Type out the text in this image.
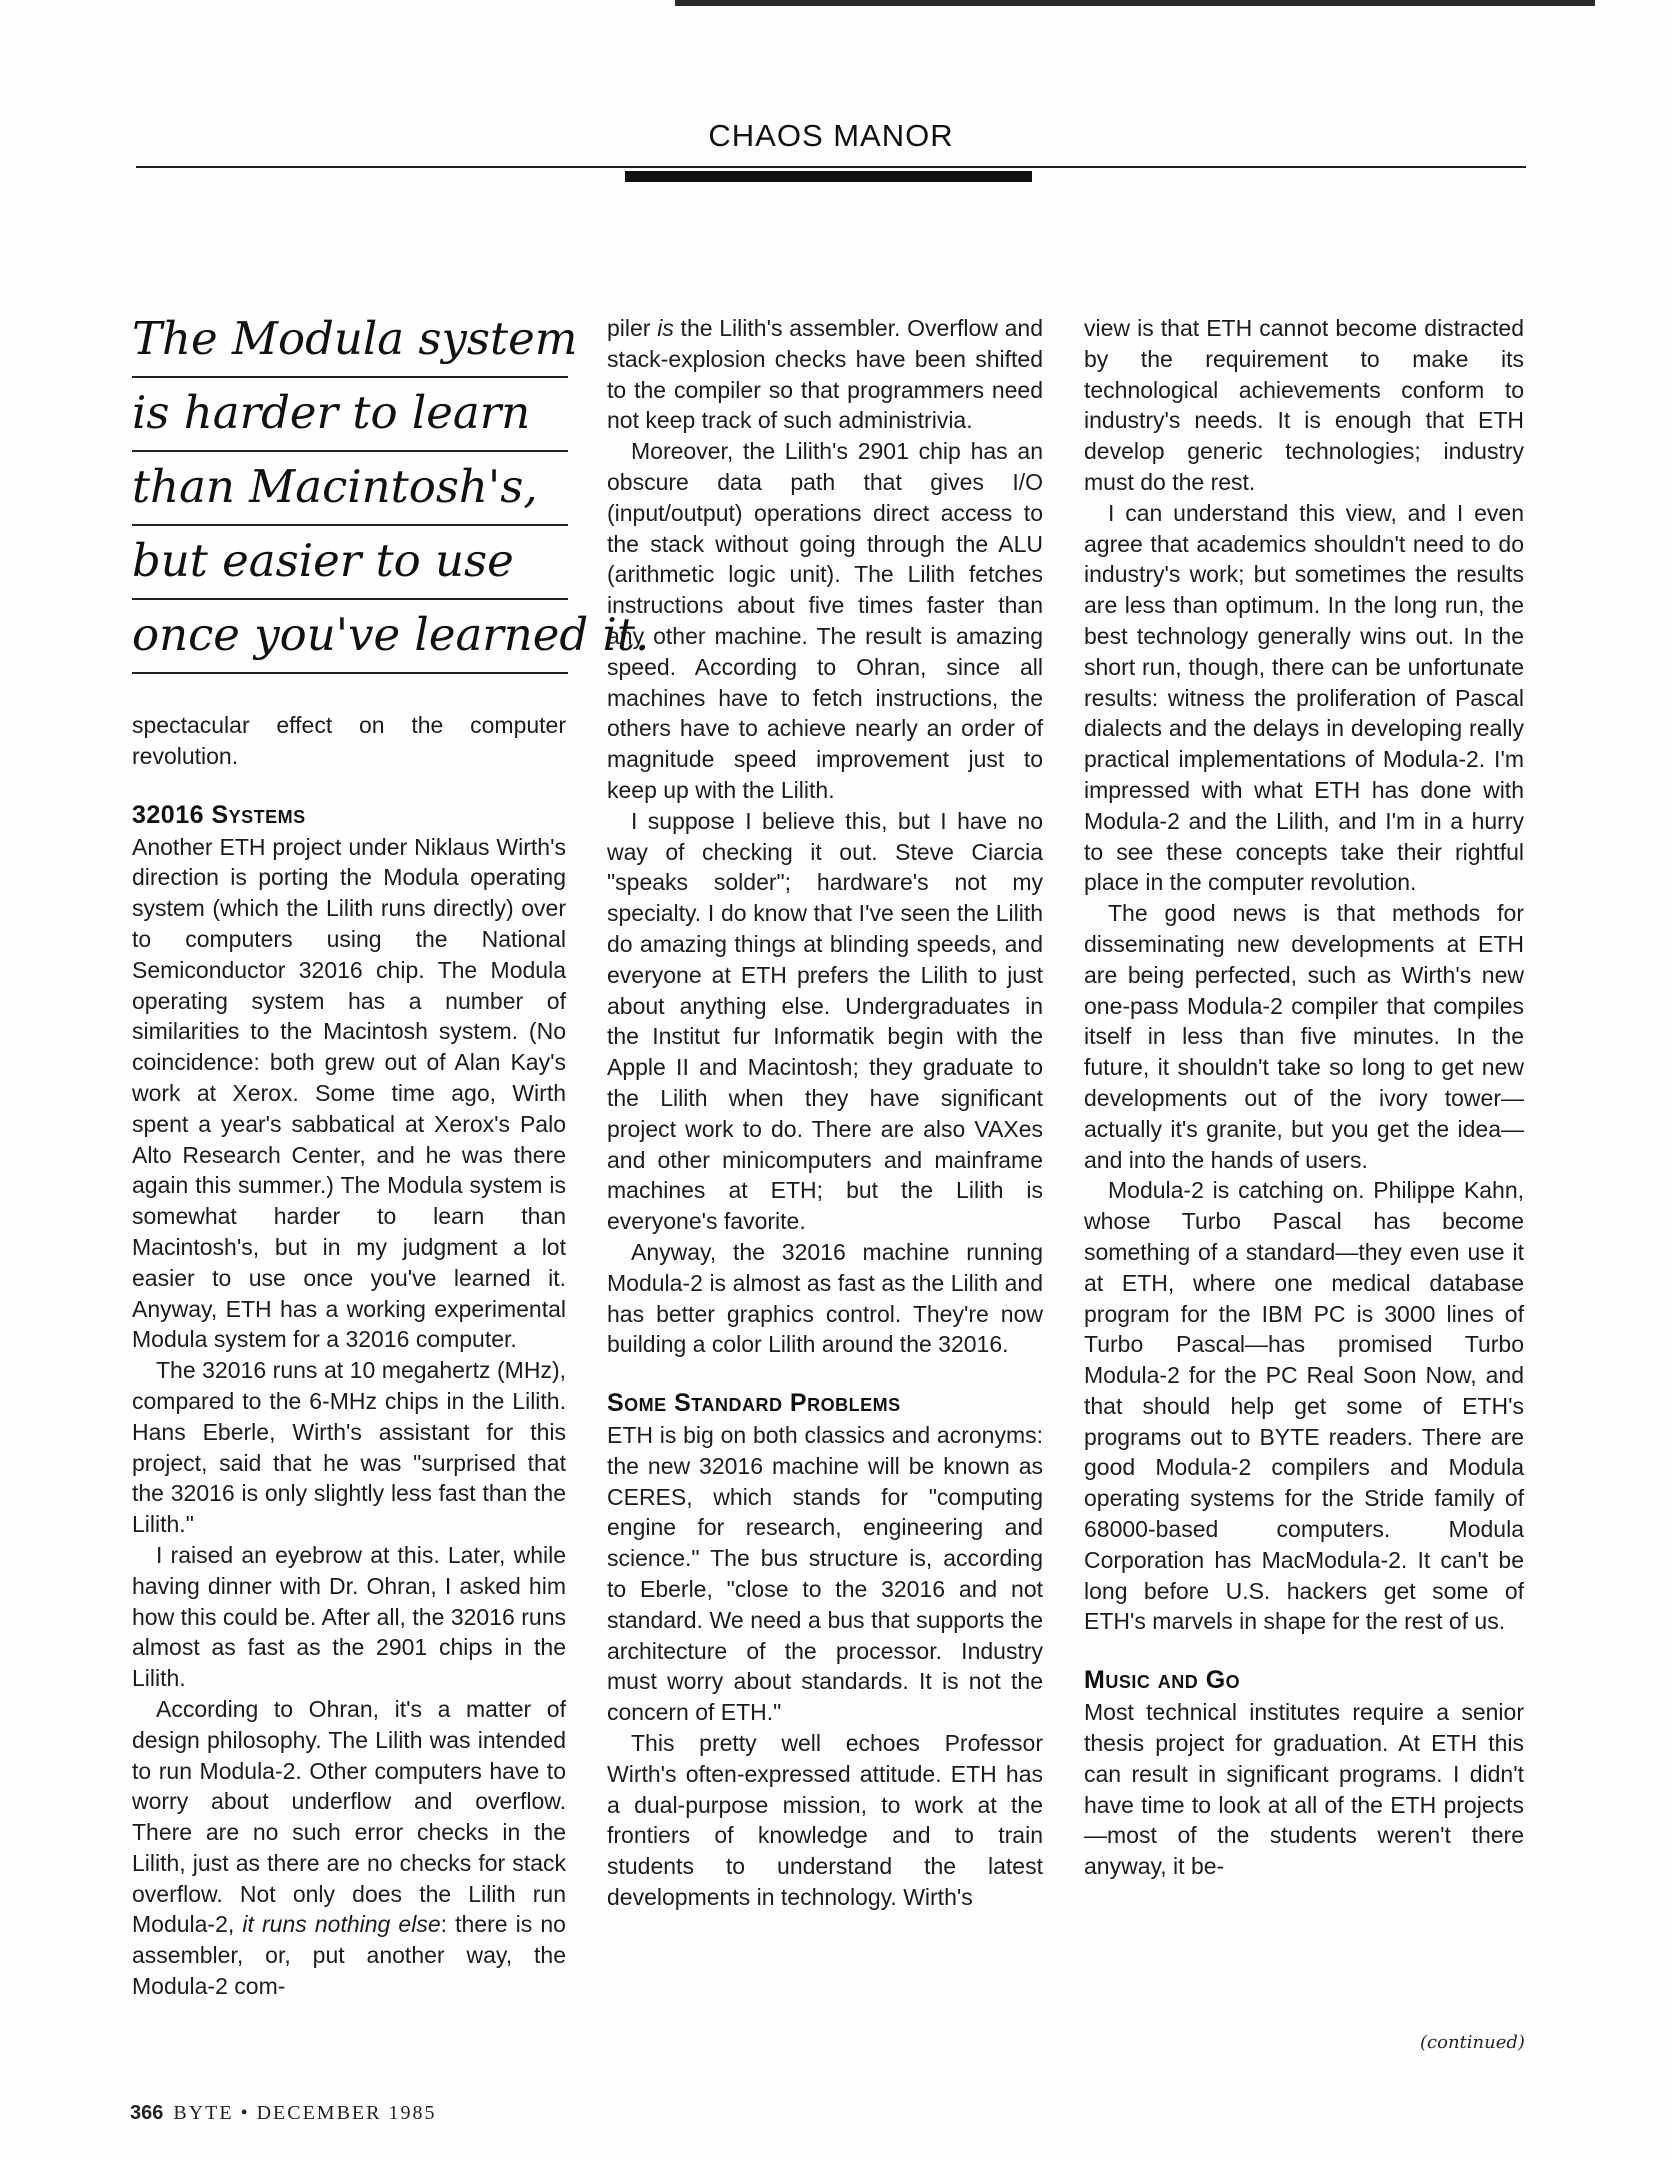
CHAOS MANOR
The Modula system
is harder to learn
than Macintosh's,
but easier to use
once you've learned it.

spectacular effect on the computer revolution.

32016 Systems

Another ETH project under Niklaus Wirth's direction is porting the Modula operating system (which the Lilith runs directly) over to computers using the National Semiconductor 32016 chip. The Modula operating system has a number of similarities to the Macintosh system. (No coincidence: both grew out of Alan Kay's work at Xerox. Some time ago, Wirth spent a year's sabbatical at Xerox's Palo Alto Research Center, and he was there again this summer.) The Modula system is somewhat harder to learn than Macintosh's, but in my judgment a lot easier to use once you've learned it. Anyway, ETH has a working experimental Modula system for a 32016 computer.

The 32016 runs at 10 megahertz (MHz), compared to the 6-MHz chips in the Lilith. Hans Eberle, Wirth's assistant for this project, said that he was "surprised that the 32016 is only slightly less fast than the Lilith."

I raised an eyebrow at this. Later, while having dinner with Dr. Ohran, I asked him how this could be. After all, the 32016 runs almost as fast as the 2901 chips in the Lilith.

According to Ohran, it's a matter of design philosophy. The Lilith was intended to run Modula-2. Other computers have to worry about underflow and overflow. There are no such error checks in the Lilith, just as there are no checks for stack overflow. Not only does the Lilith run Modula-2, it runs nothing else: there is no assembler, or, put another way, the Modula-2 com-

piler is the Lilith's assembler. Overflow and stack-explosion checks have been shifted to the compiler so that programmers need not keep track of such administrivia.

Moreover, the Lilith's 2901 chip has an obscure data path that gives I/O (input/output) operations direct access to the stack without going through the ALU (arithmetic logic unit). The Lilith fetches instructions about five times faster than any other machine. The result is amazing speed. According to Ohran, since all machines have to fetch instructions, the others have to achieve nearly an order of magnitude speed improvement just to keep up with the Lilith.

I suppose I believe this, but I have no way of checking it out. Steve Ciarcia "speaks solder"; hardware's not my specialty. I do know that I've seen the Lilith do amazing things at blinding speeds, and everyone at ETH prefers the Lilith to just about anything else. Undergraduates in the Institut fur Informatik begin with the Apple II and Macintosh; they graduate to the Lilith when they have significant project work to do. There are also VAXes and other minicomputers and mainframe machines at ETH; but the Lilith is everyone's favorite.

Anyway, the 32016 machine running Modula-2 is almost as fast as the Lilith and has better graphics control. They're now building a color Lilith around the 32016.

Some Standard Problems

ETH is big on both classics and acronyms: the new 32016 machine will be known as CERES, which stands for "computing engine for research, engineering and science." The bus structure is, according to Eberle, "close to the 32016 and not standard. We need a bus that supports the architecture of the processor. Industry must worry about standards. It is not the concern of ETH."

This pretty well echoes Professor Wirth's often-expressed attitude. ETH has a dual-purpose mission, to work at the frontiers of knowledge and to train students to understand the latest developments in technology. Wirth's

view is that ETH cannot become distracted by the requirement to make its technological achievements conform to industry's needs. It is enough that ETH develop generic technologies; industry must do the rest.

I can understand this view, and I even agree that academics shouldn't need to do industry's work; but sometimes the results are less than optimum. In the long run, the best technology generally wins out. In the short run, though, there can be unfortunate results: witness the proliferation of Pascal dialects and the delays in developing really practical implementations of Modula-2. I'm impressed with what ETH has done with Modula-2 and the Lilith, and I'm in a hurry to see these concepts take their rightful place in the computer revolution.

The good news is that methods for disseminating new developments at ETH are being perfected, such as Wirth's new one-pass Modula-2 compiler that compiles itself in less than five minutes. In the future, it shouldn't take so long to get new developments out of the ivory tower—actually it's granite, but you get the idea—and into the hands of users.

Modula-2 is catching on. Philippe Kahn, whose Turbo Pascal has become something of a standard—they even use it at ETH, where one medical database program for the IBM PC is 3000 lines of Turbo Pascal—has promised Turbo Modula-2 for the PC Real Soon Now, and that should help get some of ETH's programs out to BYTE readers. There are good Modula-2 compilers and Modula operating systems for the Stride family of 68000-based computers. Modula Corporation has MacModula-2. It can't be long before U.S. hackers get some of ETH's marvels in shape for the rest of us.

Music and Go

Most technical institutes require a senior thesis project for graduation. At ETH this can result in significant programs. I didn't have time to look at all of the ETH projects—most of the students weren't there anyway, it be-

(continued)
366 BYTE • DECEMBER 1985
